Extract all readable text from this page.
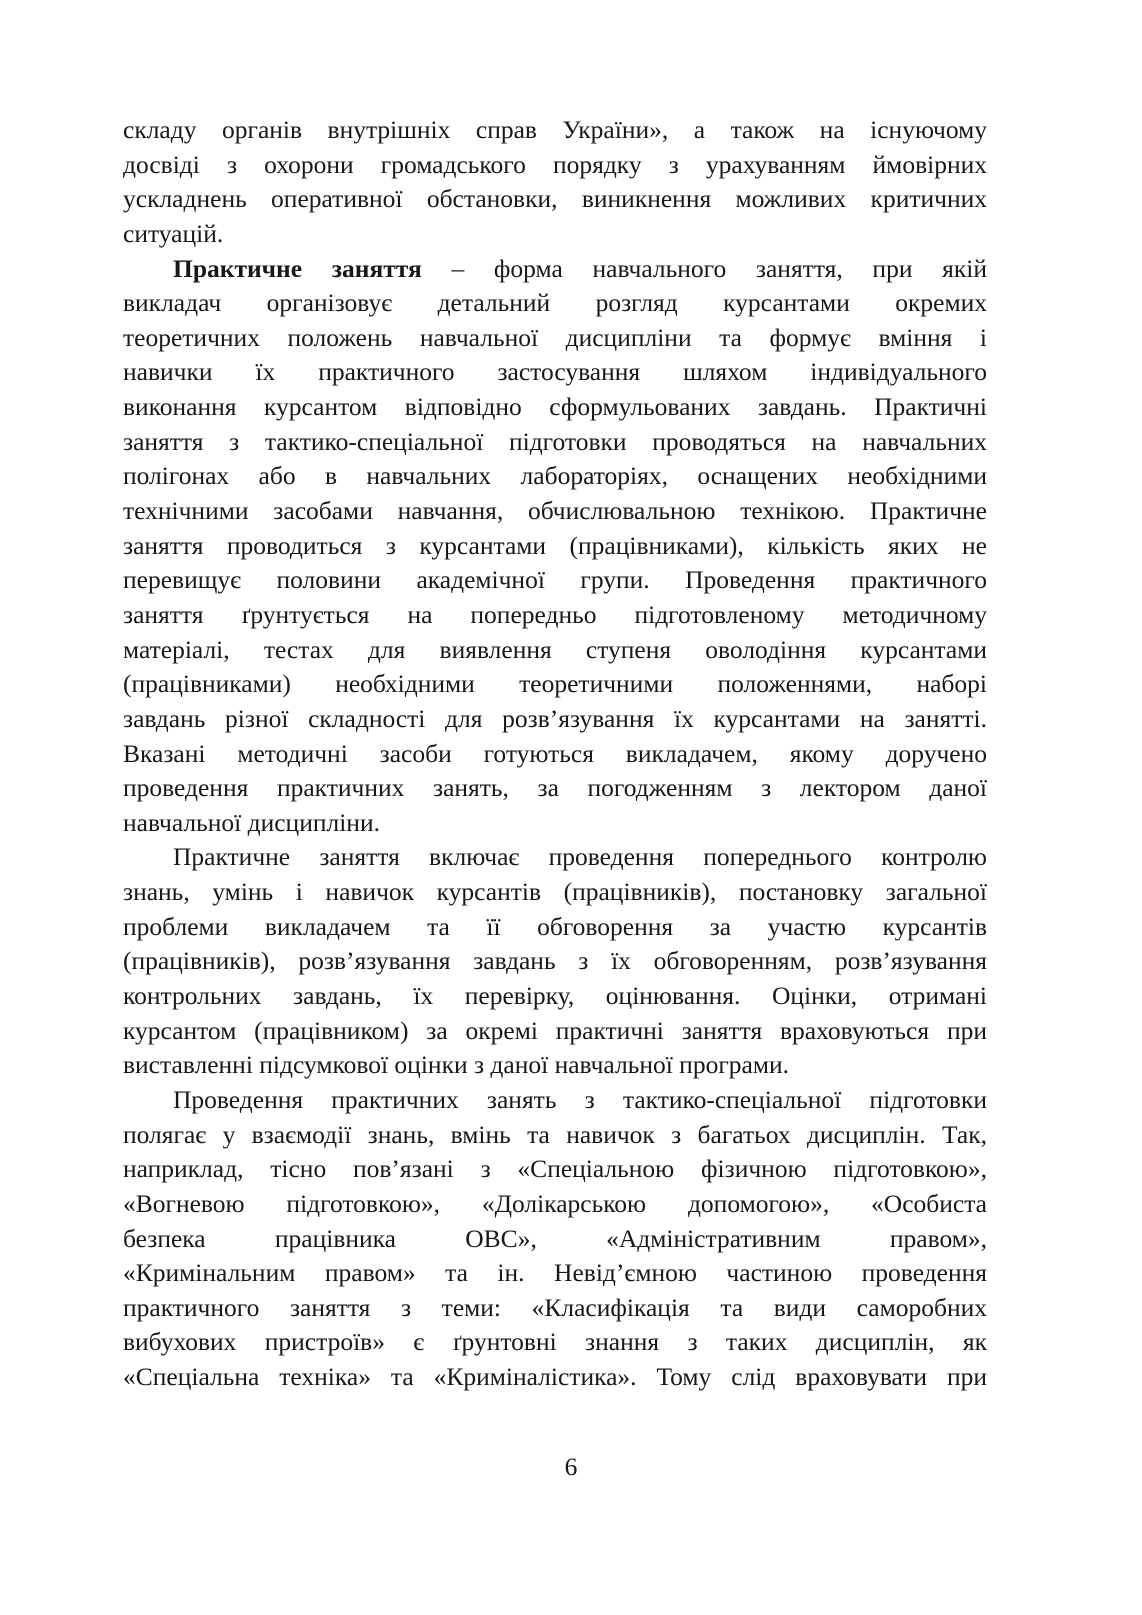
складу органів внутрішніх справ України», а також на існуючому
досвіді з охорони громадського порядку з урахуванням ймовірних
ускладнень оперативної обстановки, виникнення можливих критичних
ситуацій.
Практичне заняття – форма навчального заняття, при якій
викладач організовує детальний розгляд курсантами окремих
теоретичних положень навчальної дисципліни та формує вміння і
навички їх практичного застосування шляхом індивідуального
виконання курсантом відповідно сформульованих завдань. Практичні
заняття з тактико-спеціальної підготовки проводяться на навчальних
полігонах або в навчальних лабораторіях, оснащених необхідними
технічними засобами навчання, обчислювальною технікою. Практичне
заняття проводиться з курсантами (працівниками), кількість яких не
перевищує половини академічної групи. Проведення практичного
заняття ґрунтується на попередньо підготовленому методичному
матеріалі, тестах для виявлення ступеня оволодіння курсантами
(працівниками) необхідними теоретичними положеннями, наборі
завдань різної складності для розв’язування їх курсантами на занятті.
Вказані методичні засоби готуються викладачем, якому доручено
проведення практичних занять, за погодженням з лектором даної
навчальної дисципліни.
Практичне заняття включає проведення попереднього контролю
знань, умінь і навичок курсантів (працівників), постановку загальної
проблеми викладачем та її обговорення за участю курсантів
(працівників), розв’язування завдань з їх обговоренням, розв’язування
контрольних завдань, їх перевірку, оцінювання. Оцінки, отримані
курсантом (працівником) за окремі практичні заняття враховуються при
виставленні підсумкової оцінки з даної навчальної програми.
Проведення практичних занять з тактико-спеціальної підготовки
полягає у взаємодії знань, вмінь та навичок з багатьох дисциплін. Так,
наприклад, тісно пов’язані з «Спеціальною фізичною підготовкою»,
«Вогневою підготовкою», «Долікарською допомогою», «Особиста
безпека працівника ОВС», «Адміністративним правом»,
«Кримінальним правом» та ін. Невід’ємною частиною проведення
практичного заняття з теми: «Класифікація та види саморобних
вибухових пристроїв» є ґрунтовні знання з таких дисциплін, як
«Спеціальна техніка» та «Криміналістика». Тому слід враховувати при
6
